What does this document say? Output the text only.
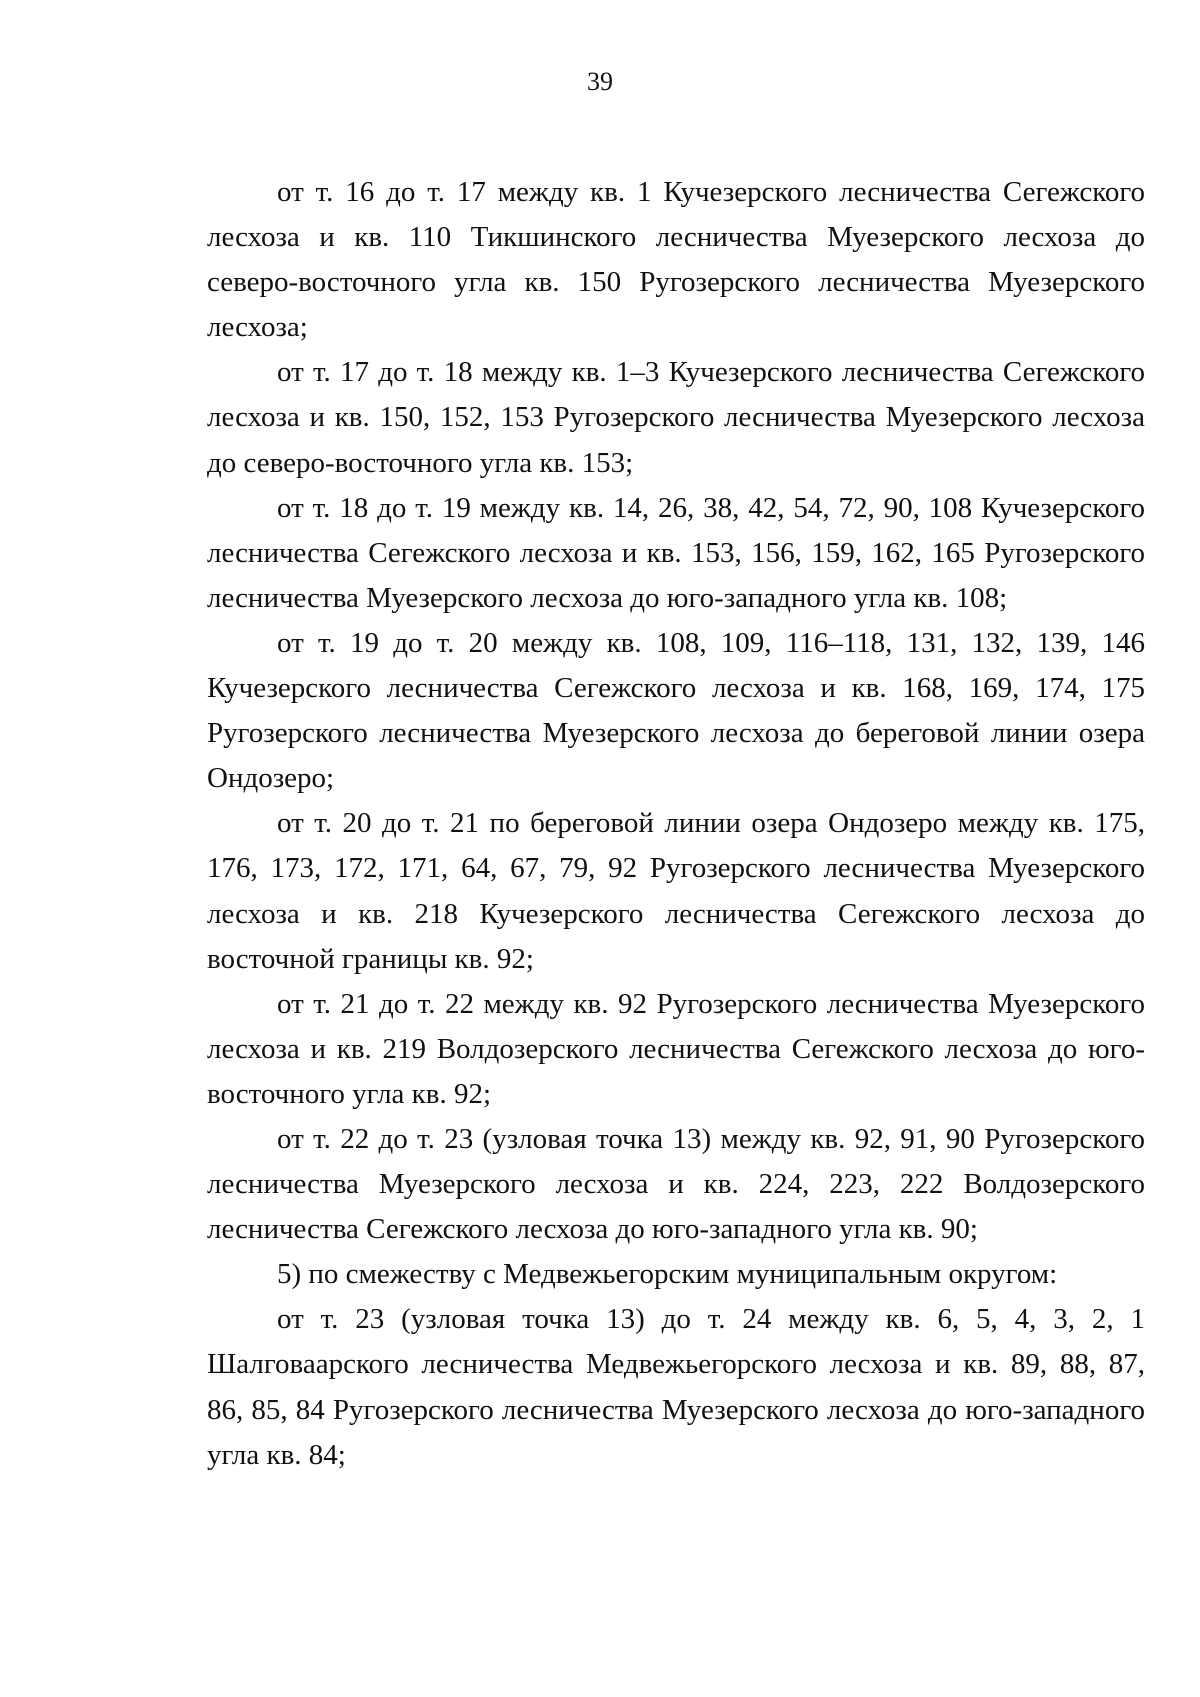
39

от т. 16 до т. 17 между кв. 1 Кучезерского лесничества Сегежского лесхоза и кв. 110 Тикшинского лесничества Муезерского лесхоза до северо-восточного угла кв. 150 Ругозерского лесничества Муезерского лесхоза;

от т. 17 до т. 18 между кв. 1–3 Кучезерского лесничества Сегежского лесхоза и кв. 150, 152, 153 Ругозерского лесничества Муезерского лесхоза до северо-восточного угла кв. 153;

от т. 18 до т. 19 между кв. 14, 26, 38, 42, 54, 72, 90, 108 Кучезерского лесничества Сегежского лесхоза и кв. 153, 156, 159, 162, 165 Ругозерского лесничества Муезерского лесхоза до юго-западного угла кв. 108;

от т. 19 до т. 20 между кв. 108, 109, 116–118, 131, 132, 139, 146 Кучезерского лесничества Сегежского лесхоза и кв. 168, 169, 174, 175 Ругозерского лесничества Муезерского лесхоза до береговой линии озера Ондозеро;

от т. 20 до т. 21 по береговой линии озера Ондозеро между кв. 175, 176, 173, 172, 171, 64, 67, 79, 92 Ругозерского лесничества Муезерского лесхоза и кв. 218 Кучезерского лесничества Сегежского лесхоза до восточной границы кв. 92;

от т. 21 до т. 22 между кв. 92 Ругозерского лесничества Муезерского лесхоза и кв. 219 Волдозерского лесничества Сегежского лесхоза до юго-восточного угла кв. 92;

от т. 22 до т. 23 (узловая точка 13) между кв. 92, 91, 90 Ругозерского лесничества Муезерского лесхоза и кв. 224, 223, 222 Волдозерского лесничества Сегежского лесхоза до юго-западного угла кв. 90;

5) по смежеству с Медвежьегорским муниципальным округом:

от т. 23 (узловая точка 13) до т. 24 между кв. 6, 5, 4, 3, 2, 1 Шалговаарского лесничества Медвежьегорского лесхоза и кв. 89, 88, 87, 86, 85, 84 Ругозерского лесничества Муезерского лесхоза до юго-западного угла кв. 84;
